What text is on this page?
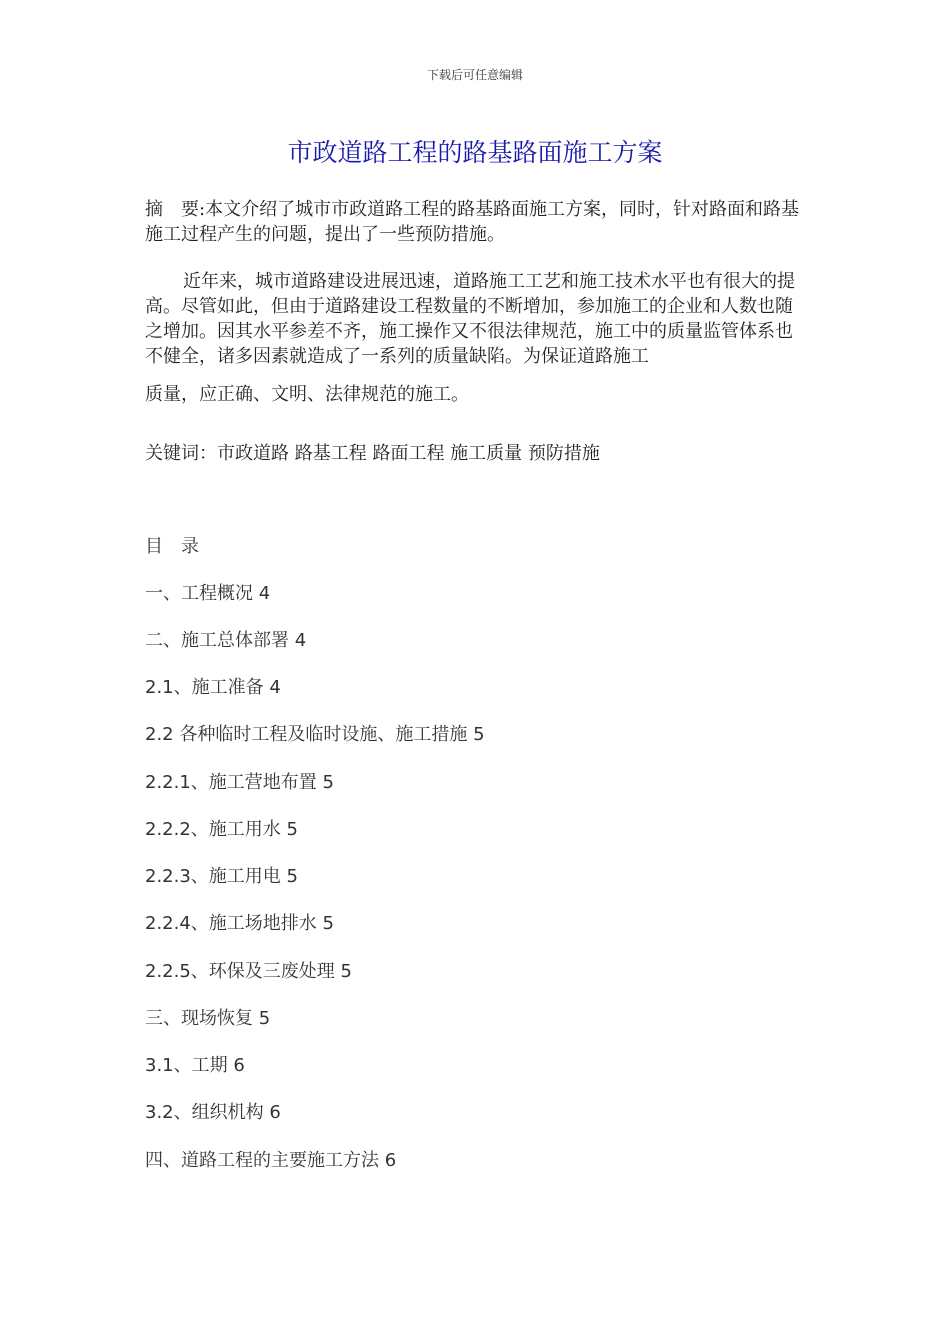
下载后可任意编辑
市政道路工程的路基路面施工方案
摘　要:本文介绍了城市市政道路工程的路基路面施工方案，同时，针对路面和路基施工过程产生的问题，提出了一些预防措施。
近年来，城市道路建设进展迅速，道路施工工艺和施工技术水平也有很大的提高。尽管如此，但由于道路建设工程数量的不断增加，参加施工的企业和人数也随之增加。因其水平参差不齐，施工操作又不很法律规范，施工中的质量监管体系也不健全，诸多因素就造成了一系列的质量缺陷。为保证道路施工
质量，应正确、文明、法律规范的施工。
关键词：市政道路 路基工程 路面工程 施工质量 预防措施
目　录
一、工程概况 4
二、施工总体部署 4
2.1、施工准备 4
2.2 各种临时工程及临时设施、施工措施 5
2.2.1、施工营地布置 5
2.2.2、施工用水 5
2.2.3、施工用电 5
2.2.4、施工场地排水 5
2.2.5、环保及三废处理 5
三、现场恢复 5
3.1、工期 6
3.2、组织机构 6
四、道路工程的主要施工方法 6
